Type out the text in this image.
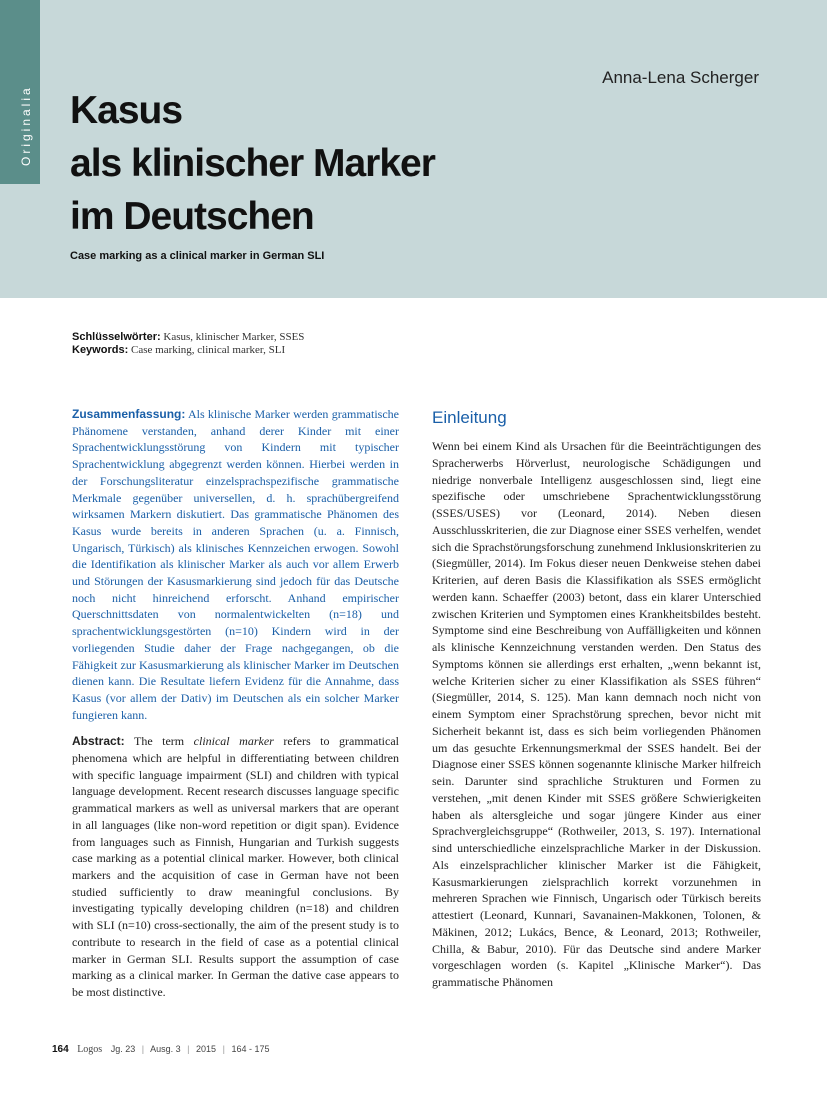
Originalia
Anna-Lena Scherger
Kasus
als klinischer Marker
im Deutschen
Case marking as a clinical marker in German SLI
Schlüsselwörter: Kasus, klinischer Marker, SSES
Keywords: Case marking, clinical marker, SLI
Zusammenfassung: Als klinische Marker werden grammatische Phänomene verstanden, anhand derer Kinder mit einer Sprachentwicklungsstörung von Kindern mit typischer Sprachentwicklung abgegrenzt werden können. Hierbei werden in der Forschungsliteratur einzelsprachspezifische grammatische Merkmale gegenüber universellen, d. h. sprachübergreifend wirksamen Markern diskutiert. Das grammatische Phänomen des Kasus wurde bereits in anderen Sprachen (u. a. Finnisch, Ungarisch, Türkisch) als klinisches Kennzeichen erwogen. Sowohl die Identifikation als klinischer Marker als auch vor allem Erwerb und Störungen der Kasusmarkierung sind jedoch für das Deutsche noch nicht hinreichend erforscht. Anhand empirischer Querschnittsdaten von normalentwickelten (n=18) und sprachentwicklungsgestörten (n=10) Kindern wird in der vorliegenden Studie daher der Frage nachgegangen, ob die Fähigkeit zur Kasusmarkierung als klinischer Marker im Deutschen dienen kann. Die Resultate liefern Evidenz für die Annahme, dass Kasus (vor allem der Dativ) im Deutschen als ein solcher Marker fungieren kann.
Abstract: The term clinical marker refers to grammatical phenomena which are helpful in differentiating between children with specific language impairment (SLI) and children with typical language development. Recent research discusses language specific grammatical markers as well as universal markers that are operant in all languages (like non-word repetition or digit span). Evidence from languages such as Finnish, Hungarian and Turkish suggests case marking as a potential clinical marker. However, both clinical markers and the acquisition of case in German have not been studied sufficiently to draw meaningful conclusions. By investigating typically developing children (n=18) and children with SLI (n=10) cross-sectionally, the aim of the present study is to contribute to research in the field of case as a potential clinical marker in German SLI. Results support the assumption of case marking as a clinical marker. In German the dative case appears to be most distinctive.
Einleitung
Wenn bei einem Kind als Ursachen für die Beeinträchtigungen des Spracherwerbs Hörverlust, neurologische Schädigungen und niedrige nonverbale Intelligenz ausgeschlossen sind, liegt eine spezifische oder umschriebene Sprachentwicklungsstörung (SSES/USES) vor (Leonard, 2014). Neben diesen Ausschlusskriterien, die zur Diagnose einer SSES verhelfen, wendet sich die Sprachstörungsforschung zunehmend Inklusionskriterien zu (Siegmüller, 2014). Im Fokus dieser neuen Denkweise stehen dabei Kriterien, auf deren Basis die Klassifikation als SSES ermöglicht werden kann. Schaeffer (2003) betont, dass ein klarer Unterschied zwischen Kriterien und Symptomen eines Krankheitsbildes besteht. Symptome sind eine Beschreibung von Auffälligkeiten und können als klinische Kennzeichnung verstanden werden. Den Status des Symptoms können sie allerdings erst erhalten, „wenn bekannt ist, welche Kriterien sicher zu einer Klassifikation als SSES führen“ (Siegmüller, 2014, S. 125). Man kann demnach noch nicht von einem Symptom einer Sprachstörung sprechen, bevor nicht mit Sicherheit bekannt ist, dass es sich beim vorliegenden Phänomen um das gesuchte Erkennungsmerkmal der SSES handelt. Bei der Diagnose einer SSES können sogenannte klinische Marker hilfreich sein. Darunter sind sprachliche Strukturen und Formen zu verstehen, „mit denen Kinder mit SSES größere Schwierigkeiten haben als altersgleiche und sogar jüngere Kinder aus einer Sprachvergleichsgruppe“ (Rothweiler, 2013, S. 197). International sind unterschiedliche einzelsprachliche Marker in der Diskussion. Als einzelsprachlicher klinischer Marker ist die Fähigkeit, Kasusmarkierungen zielsprachlich korrekt vorzunehmen in mehreren Sprachen wie Finnisch, Ungarisch oder Türkisch bereits attestiert (Leonard, Kunnari, Savanainen-Makkonen, Tolonen, & Mäkinen, 2012; Lukács, Bence, & Leonard, 2013; Rothweiler, Chilla, & Babur, 2010). Für das Deutsche sind andere Marker vorgeschlagen worden (s. Kapitel „Klinische Marker“). Das grammatische Phänomen
164 Logos Jg. 23 | Ausg. 3 | 2015 | 164 - 175
